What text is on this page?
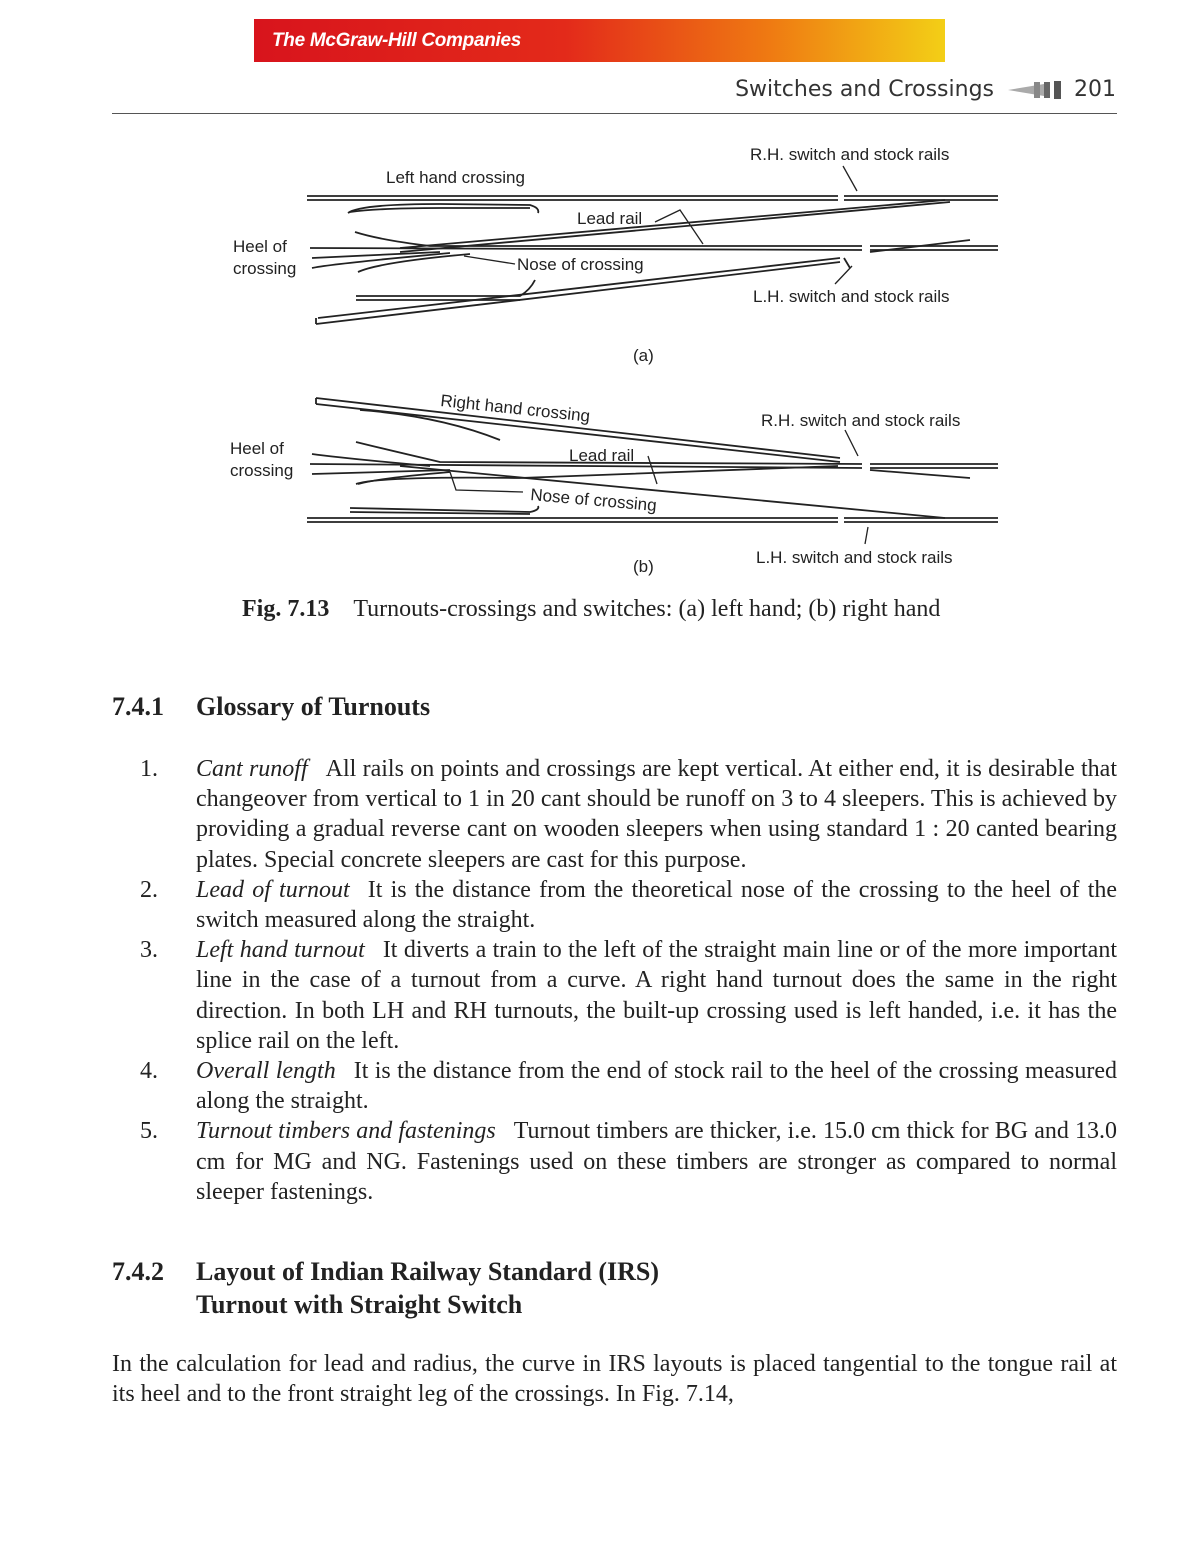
The McGraw-Hill Companies
Switches and Crossings	201
Left hand crossing
R.H. switch and stock rails
Lead rail
Heel of
crossing	Nose of crossing
L.H. switch and stock rails
(a)
Right hand crossing	R.H. switch and stock rails
Heel of
crossing
Lead rail
Nose of crossing
(b)	L.H. switch and stock rails
Fig. 7.13 Turnouts-crossings and switches: (a) left hand; (b) right hand
7.4.1 Glossary of Turnouts
1. Cant runoff All rails on points and crossings are kept vertical. At either end, it is desirable that changeover from vertical to 1 in 20 cant should be runoff on 3 to 4 sleepers. This is achieved by providing a gradual reverse cant on wooden sleepers when using standard 1 : 20 canted bearing plates. Special concrete sleepers are cast for this purpose.
2. Lead of turnout It is the distance from the theoretical nose of the crossing to the heel of the switch measured along the straight.
3. Left hand turnout It diverts a train to the left of the straight main line or of the more important line in the case of a turnout from a curve. A right hand turnout does the same in the right direction. In both LH and RH turnouts, the built-up crossing used is left handed, i.e. it has the splice rail on the left.
4. Overall length It is the distance from the end of stock rail to the heel of the crossing measured along the straight.
5. Turnout timbers and fastenings Turnout timbers are thicker, i.e. 15.0 cm thick for BG and 13.0 cm for MG and NG. Fastenings used on these timbers are stronger as compared to normal sleeper fastenings.
7.4.2 Layout of Indian Railway Standard (IRS)
Turnout with Straight Switch

In the calculation for lead and radius, the curve in IRS layouts is placed tangential to the tongue rail at its heel and to the front straight leg of the crossings. In Fig. 7.14,
